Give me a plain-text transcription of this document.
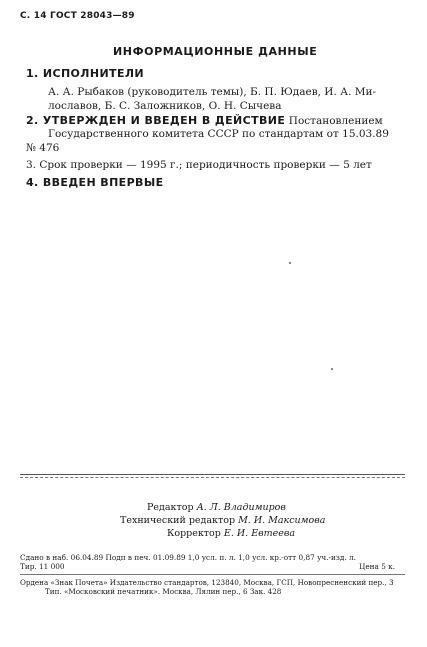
С. 14 ГОСТ 28043—89
ИНФОРМАЦИОННЫЕ ДАННЫЕ
1. ИСПОЛНИТЕЛИ
А. А. Рыбаков (руководитель темы), Б. П. Юдаев, И. А. Ми-
лославов, Б. С. Заложников, О. Н. Сычева
2. УТВЕРЖДЕН И ВВЕДЕН В ДЕЙСТВИЕ Постановлением
Государственного комитета СССР по стандартам от 15.03.89
№ 476
3. Срок проверки — 1995 г.; периодичность проверки — 5 лет
4. ВВЕДЕН ВПЕРВЫЕ
Редактор А. Л. Владимиров
Технический редактор М. И. Максимова
Корректор Е. И. Евтеева
Сдано в наб. 06.04.89 Подп в печ. 01.09.89 1,0 усл. п. л. 1,0 усл. кр.-отт 0,87 уч.-изд. л.
Тир. 11 000	Цена 5 к.
Ордена «Знак Почета» Издательство стандартов, 123840, Москва, ГСП, Новопресненский пер., 3
Тип. «Московский печатник». Москва, Лялин пер., 6 Зак. 428
